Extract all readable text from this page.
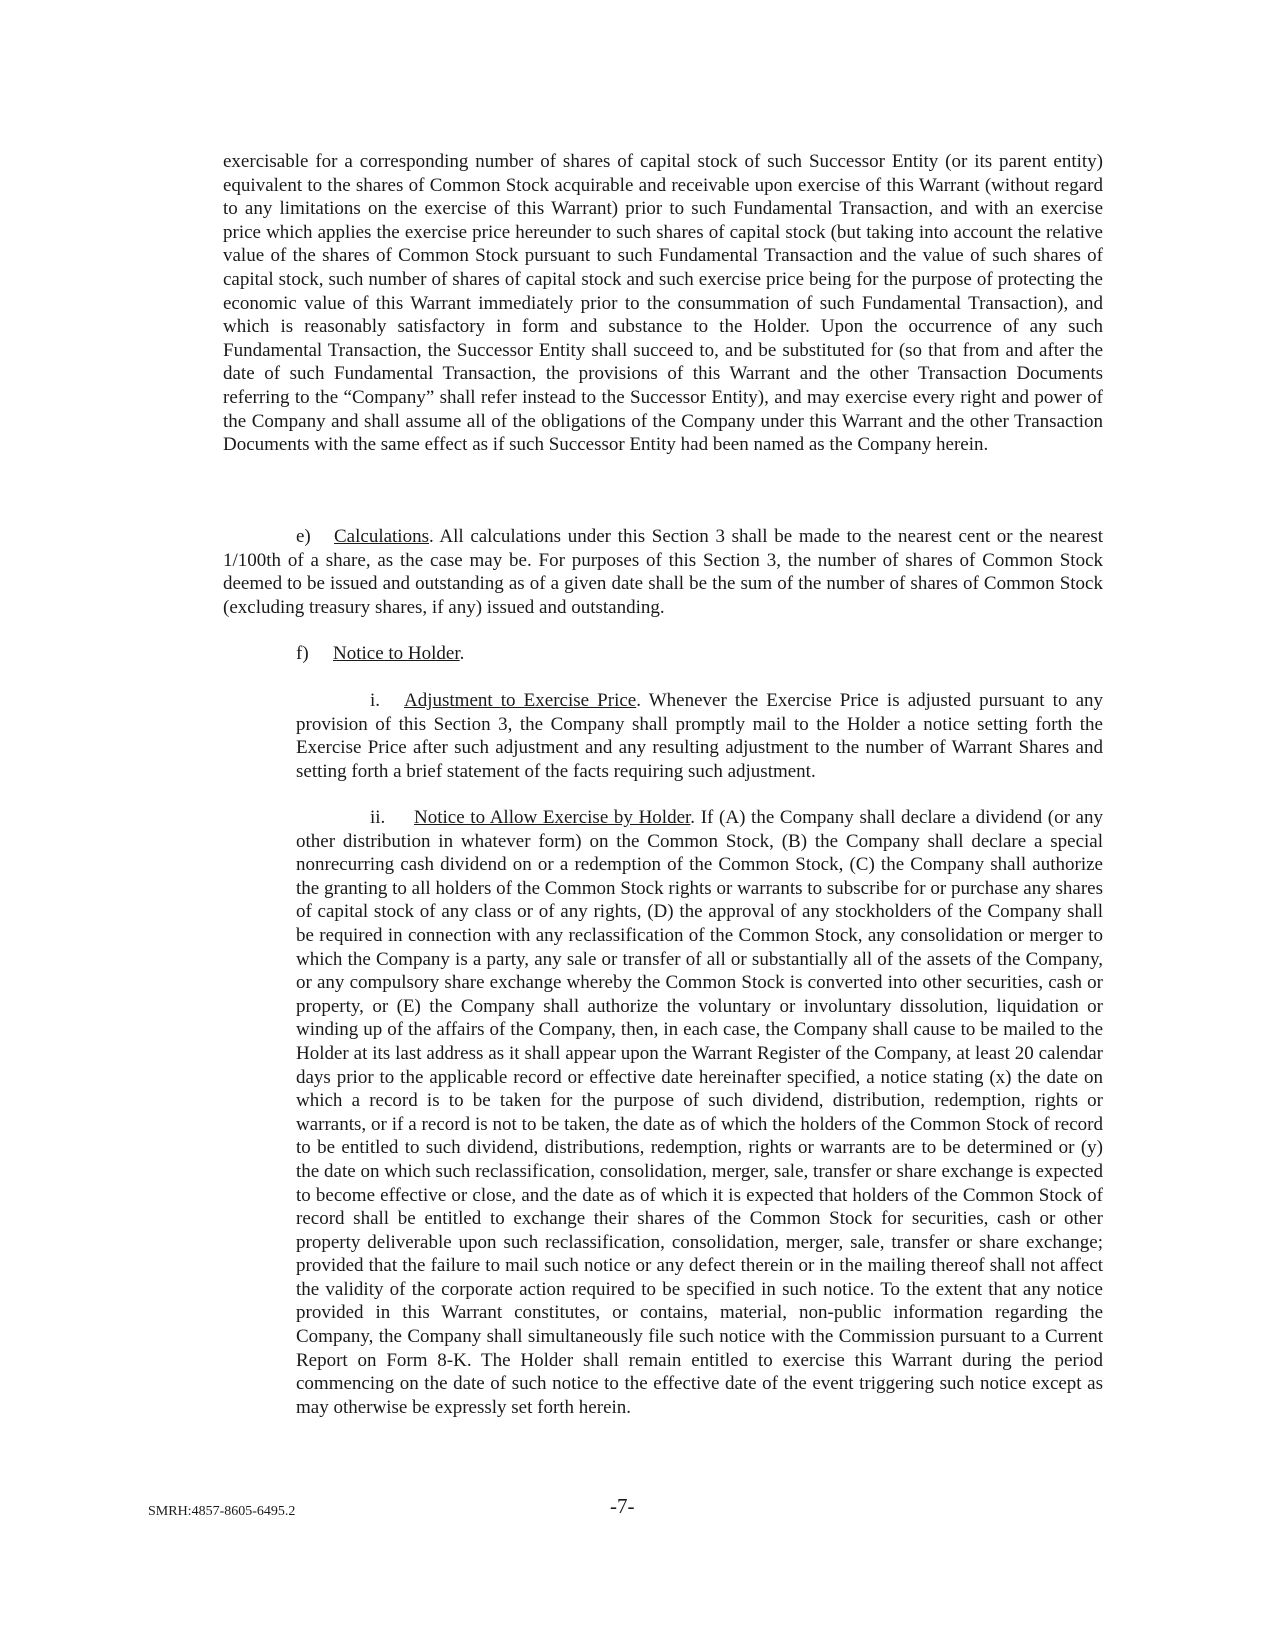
exercisable for a corresponding number of shares of capital stock of such Successor Entity (or its parent entity) equivalent to the shares of Common Stock acquirable and receivable upon exercise of this Warrant (without regard to any limitations on the exercise of this Warrant) prior to such Fundamental Transaction, and with an exercise price which applies the exercise price hereunder to such shares of capital stock (but taking into account the relative value of the shares of Common Stock pursuant to such Fundamental Transaction and the value of such shares of capital stock, such number of shares of capital stock and such exercise price being for the purpose of protecting the economic value of this Warrant immediately prior to the consummation of such Fundamental Transaction), and which is reasonably satisfactory in form and substance to the Holder. Upon the occurrence of any such Fundamental Transaction, the Successor Entity shall succeed to, and be substituted for (so that from and after the date of such Fundamental Transaction, the provisions of this Warrant and the other Transaction Documents referring to the “Company” shall refer instead to the Successor Entity), and may exercise every right and power of the Company and shall assume all of the obligations of the Company under this Warrant and the other Transaction Documents with the same effect as if such Successor Entity had been named as the Company herein.

e) Calculations. All calculations under this Section 3 shall be made to the nearest cent or the nearest 1/100th of a share, as the case may be. For purposes of this Section 3, the number of shares of Common Stock deemed to be issued and outstanding as of a given date shall be the sum of the number of shares of Common Stock (excluding treasury shares, if any) issued and outstanding.

f) Notice to Holder.

i. Adjustment to Exercise Price. Whenever the Exercise Price is adjusted pursuant to any provision of this Section 3, the Company shall promptly mail to the Holder a notice setting forth the Exercise Price after such adjustment and any resulting adjustment to the number of Warrant Shares and setting forth a brief statement of the facts requiring such adjustment.

ii. Notice to Allow Exercise by Holder. If (A) the Company shall declare a dividend (or any other distribution in whatever form) on the Common Stock, (B) the Company shall declare a special nonrecurring cash dividend on or a redemption of the Common Stock, (C) the Company shall authorize the granting to all holders of the Common Stock rights or warrants to subscribe for or purchase any shares of capital stock of any class or of any rights, (D) the approval of any stockholders of the Company shall be required in connection with any reclassification of the Common Stock, any consolidation or merger to which the Company is a party, any sale or transfer of all or substantially all of the assets of the Company, or any compulsory share exchange whereby the Common Stock is converted into other securities, cash or property, or (E) the Company shall authorize the voluntary or involuntary dissolution, liquidation or winding up of the affairs of the Company, then, in each case, the Company shall cause to be mailed to the Holder at its last address as it shall appear upon the Warrant Register of the Company, at least 20 calendar days prior to the applicable record or effective date hereinafter specified, a notice stating (x) the date on which a record is to be taken for the purpose of such dividend, distribution, redemption, rights or warrants, or if a record is not to be taken, the date as of which the holders of the Common Stock of record to be entitled to such dividend, distributions, redemption, rights or warrants are to be determined or (y) the date on which such reclassification, consolidation, merger, sale, transfer or share exchange is expected to become effective or close, and the date as of which it is expected that holders of the Common Stock of record shall be entitled to exchange their shares of the Common Stock for securities, cash or other property deliverable upon such reclassification, consolidation, merger, sale, transfer or share exchange; provided that the failure to mail such notice or any defect therein or in the mailing thereof shall not affect the validity of the corporate action required to be specified in such notice. To the extent that any notice provided in this Warrant constitutes, or contains, material, non-public information regarding the Company, the Company shall simultaneously file such notice with the Commission pursuant to a Current Report on Form 8-K. The Holder shall remain entitled to exercise this Warrant during the period commencing on the date of such notice to the effective date of the event triggering such notice except as may otherwise be expressly set forth herein.

SMRH:4857-8605-6495.2	-7-
